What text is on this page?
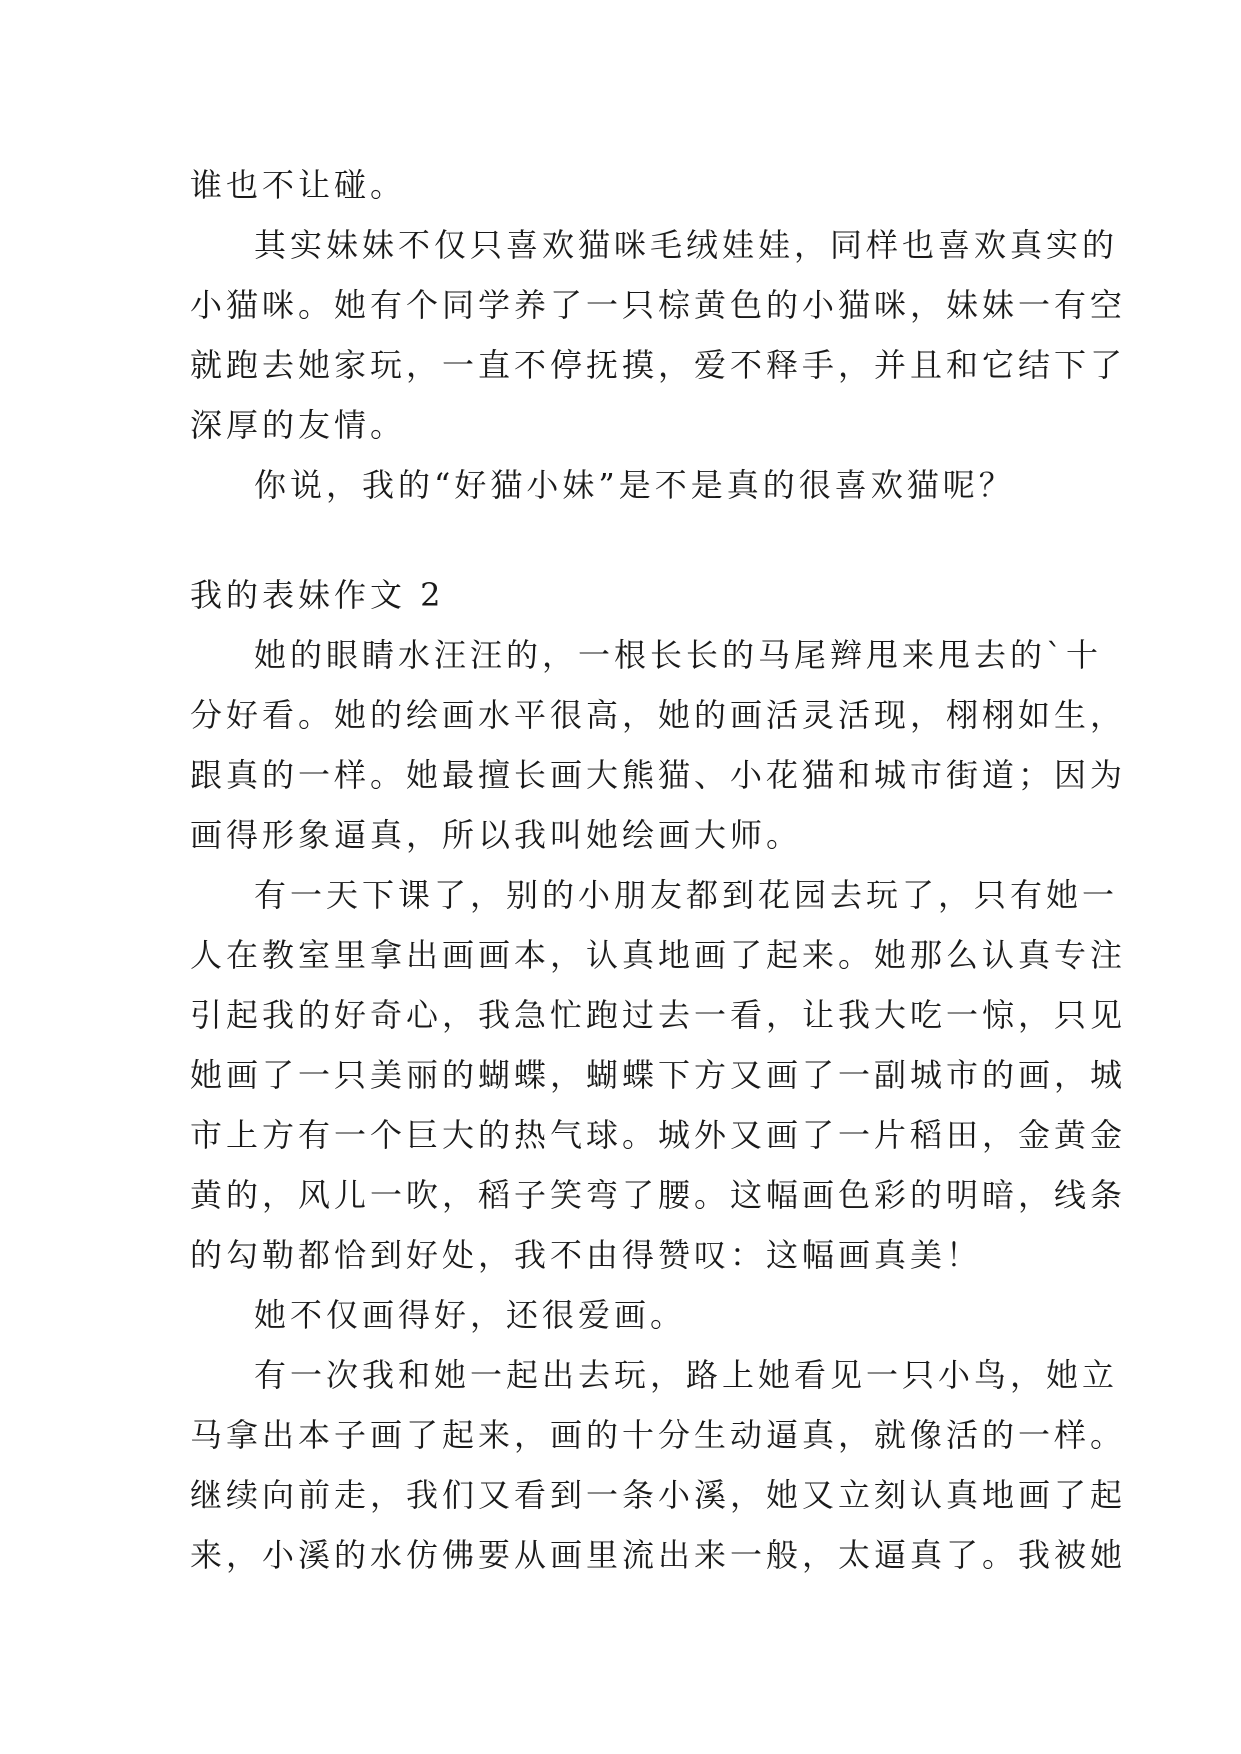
谁也不让碰。
其实妹妹不仅只喜欢猫咪毛绒娃娃，同样也喜欢真实的
小猫咪。她有个同学养了一只棕黄色的小猫咪，妹妹一有空
就跑去她家玩，一直不停抚摸，爱不释手，并且和它结下了
深厚的友情。
你说，我的“好猫小妹”是不是真的很喜欢猫呢？
我的表妹作文 2
她的眼睛水汪汪的，一根长长的马尾辫甩来甩去的`十
分好看。她的绘画水平很高，她的画活灵活现，栩栩如生，
跟真的一样。她最擅长画大熊猫、小花猫和城市街道；因为
画得形象逼真，所以我叫她绘画大师。
有一天下课了，别的小朋友都到花园去玩了，只有她一
人在教室里拿出画画本，认真地画了起来。她那么认真专注
引起我的好奇心，我急忙跑过去一看，让我大吃一惊，只见
她画了一只美丽的蝴蝶，蝴蝶下方又画了一副城市的画，城
市上方有一个巨大的热气球。城外又画了一片稻田，金黄金
黄的，风儿一吹，稻子笑弯了腰。这幅画色彩的明暗，线条
的勾勒都恰到好处，我不由得赞叹：这幅画真美！
她不仅画得好，还很爱画。
有一次我和她一起出去玩，路上她看见一只小鸟，她立
马拿出本子画了起来，画的十分生动逼真，就像活的一样。
继续向前走，我们又看到一条小溪，她又立刻认真地画了起
来，小溪的水仿佛要从画里流出来一般，太逼真了。我被她
